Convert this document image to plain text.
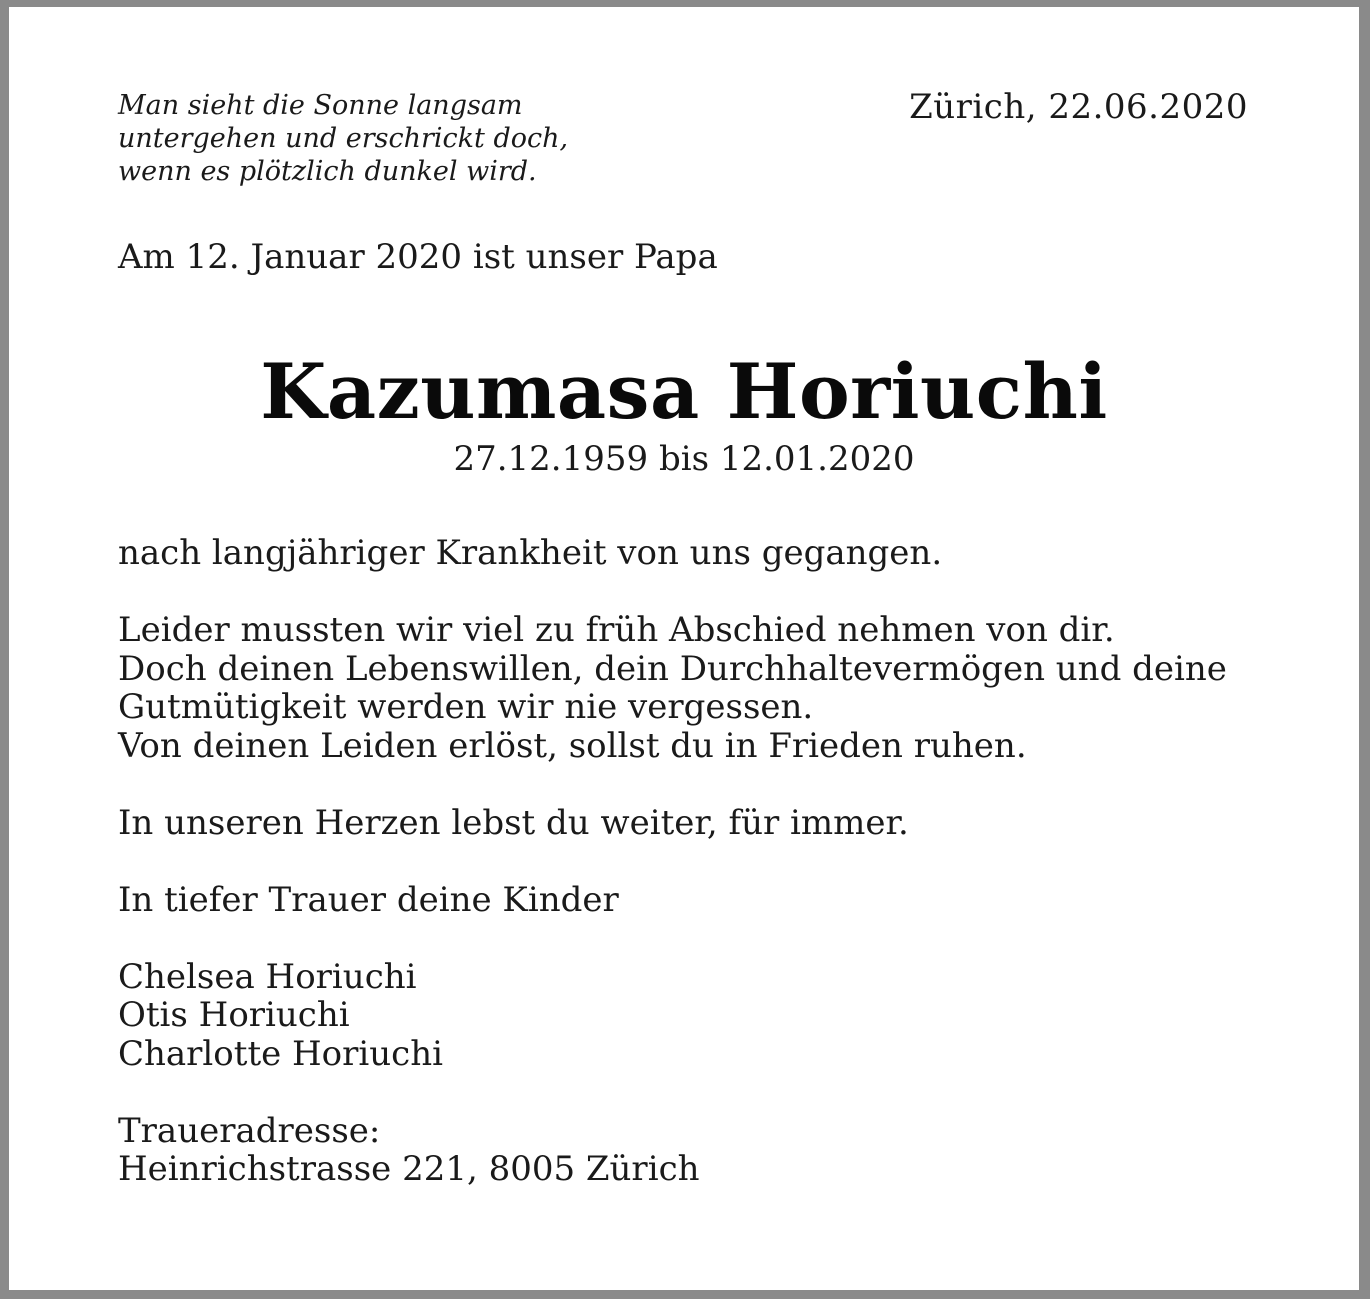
Man sieht die Sonne langsam
untergehen und erschrickt doch,
wenn es plötzlich dunkel wird.
Zürich, 22.06.2020
Am 12. Januar 2020 ist unser Papa
Kazumasa Horiuchi
27.12.1959 bis 12.01.2020
nach langjähriger Krankheit von uns gegangen.
Leider mussten wir viel zu früh Abschied nehmen von dir.
Doch deinen Lebenswillen, dein Durchhaltevermögen und deine
Gutmütigkeit werden wir nie vergessen.
Von deinen Leiden erlöst, sollst du in Frieden ruhen.
In unseren Herzen lebst du weiter, für immer.
In tiefer Trauer deine Kinder
Chelsea Horiuchi
Otis Horiuchi
Charlotte Horiuchi
Traueradresse:
Heinrichstrasse 221, 8005 Zürich
